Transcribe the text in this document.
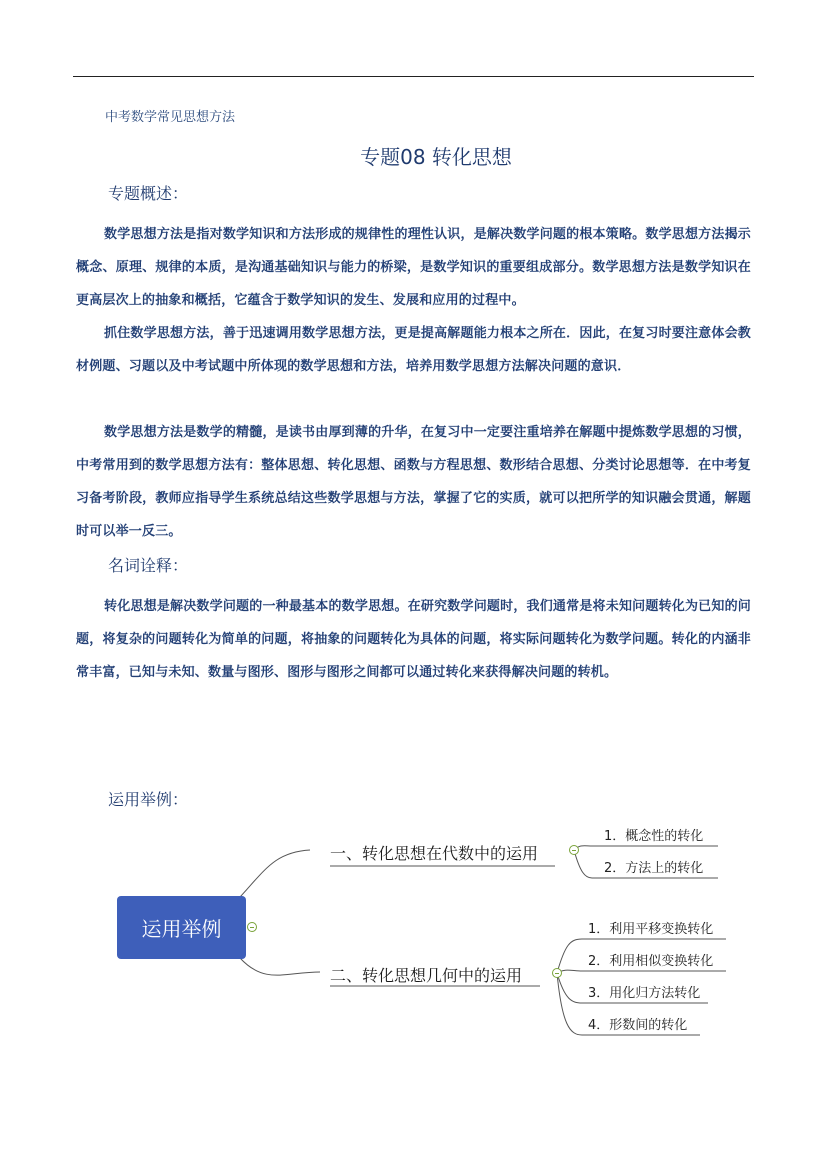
中考数学常见思想方法
专题08 转化思想
专题概述：

数学思想方法是指对数学知识和方法形成的规律性的理性认识，是解决数学问题的根本策略。数学思想方法揭示概念、原理、规律的本质，是沟通基础知识与能力的桥梁，是数学知识的重要组成部分。数学思想方法是数学知识在更高层次上的抽象和概括，它蕴含于数学知识的发生、发展和应用的过程中。

抓住数学思想方法，善于迅速调用数学思想方法，更是提高解题能力根本之所在．因此，在复习时要注意体会教材例题、习题以及中考试题中所体现的数学思想和方法，培养用数学思想方法解决问题的意识．

数学思想方法是数学的精髓，是读书由厚到薄的升华，在复习中一定要注重培养在解题中提炼数学思想的习惯，中考常用到的数学思想方法有：整体思想、转化思想、函数与方程思想、数形结合思想、分类讨论思想等．在中考复习备考阶段，教师应指导学生系统总结这些数学思想与方法，掌握了它的实质，就可以把所学的知识融会贯通，解题时可以举一反三。

名词诠释：

转化思想是解决数学问题的一种最基本的数学思想。在研究数学问题时，我们通常是将未知问题转化为已知的问题，将复杂的问题转化为简单的问题，将抽象的问题转化为具体的问题，将实际问题转化为数学问题。转化的内涵非常丰富，已知与未知、数量与图形、图形与图形之间都可以通过转化来获得解决问题的转机。

运用举例：
运用举例
一、转化思想在代数中的运用
1．概念性的转化
2．方法上的转化
二、转化思想几何中的运用
1．利用平移变换转化
2．利用相似变换转化
3．用化归方法转化
4．形数间的转化
